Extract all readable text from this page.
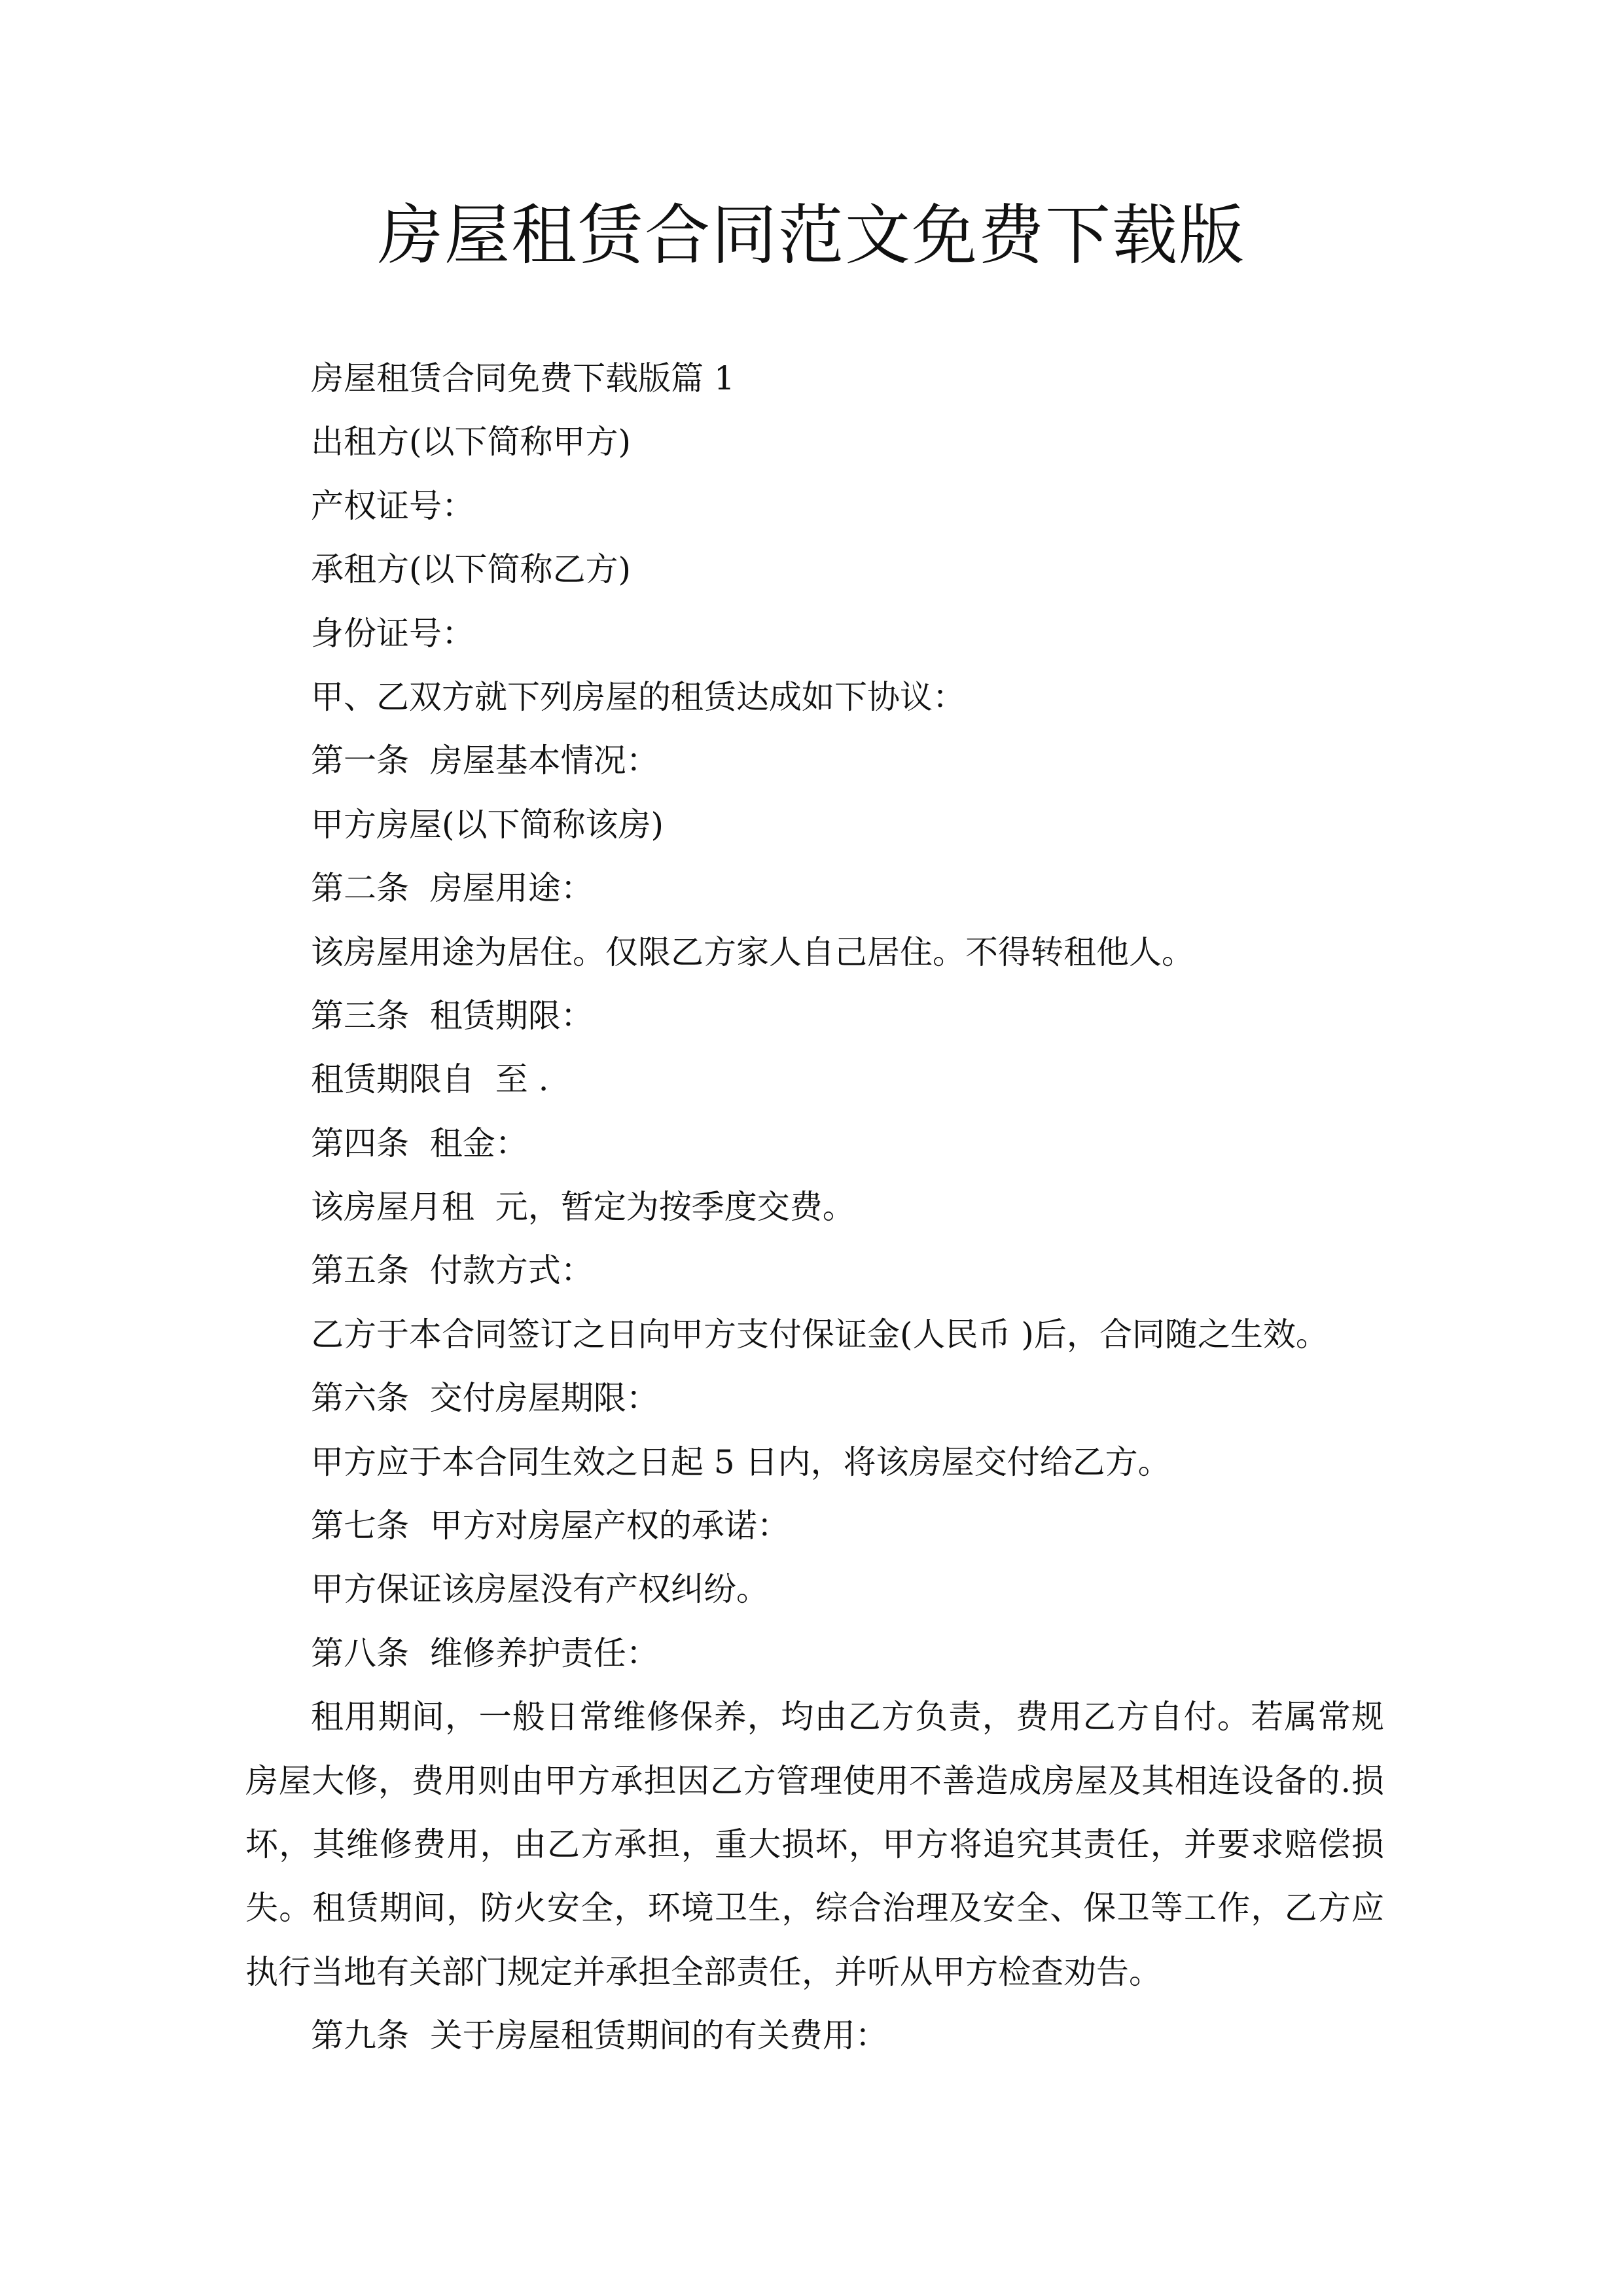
房屋租赁合同范文免费下载版
房屋租赁合同免费下载版篇 1
出租方(以下简称甲方)
产权证号：
承租方(以下简称乙方)
身份证号：
甲、乙双方就下列房屋的租赁达成如下协议：
第一条  房屋基本情况：
甲方房屋(以下简称该房)
第二条  房屋用途：
该房屋用途为居住。仅限乙方家人自己居住。不得转租他人。
第三条  租赁期限：
租赁期限自  至 .
第四条  租金：
该房屋月租  元，暂定为按季度交费。
第五条  付款方式：
乙方于本合同签订之日向甲方支付保证金(人民币 )后，合同随之生效。
第六条  交付房屋期限：
甲方应于本合同生效之日起 5 日内，将该房屋交付给乙方。
第七条  甲方对房屋产权的承诺：
甲方保证该房屋没有产权纠纷。
第八条  维修养护责任：
租用期间，一般日常维修保养，均由乙方负责，费用乙方自付。若属常规房屋大修，费用则由甲方承担因乙方管理使用不善造成房屋及其相连设备的.损坏，其维修费用，由乙方承担，重大损坏，甲方将追究其责任，并要求赔偿损失。租赁期间，防火安全，环境卫生，综合治理及安全、保卫等工作，乙方应执行当地有关部门规定并承担全部责任，并听从甲方检查劝告。
第九条  关于房屋租赁期间的有关费用：
